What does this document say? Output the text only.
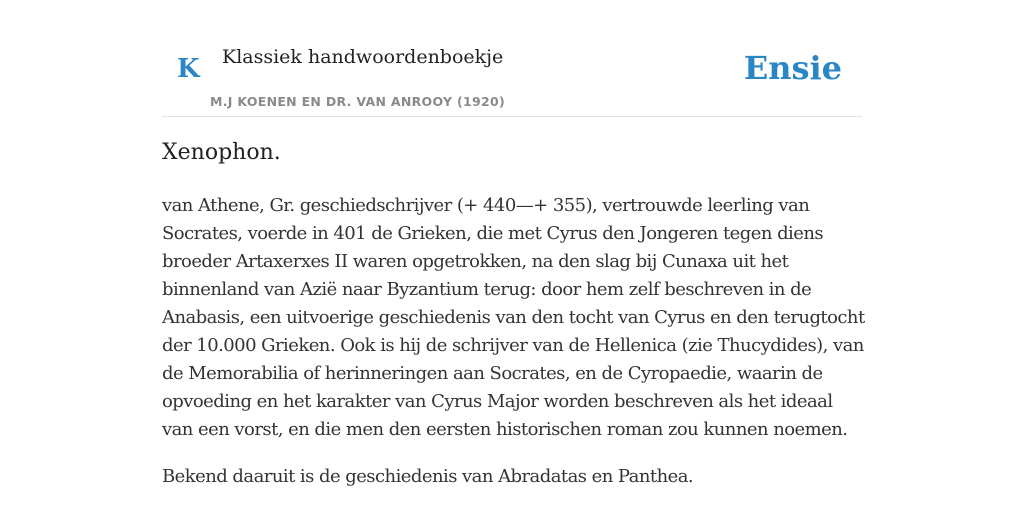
K Klassiek handwoordenboekje
M.J KOENEN EN DR. VAN ANROOY (1920)
Ensie
Xenophon.

van Athene, Gr. geschiedschrijver (+ 440—+ 355), vertrouwde leerling van Socrates, voerde in 401 de Grieken, die met Cyrus den Jongeren tegen diens broeder Artaxerxes II waren opgetrokken, na den slag bij Cunaxa uit het binnenland van Azië naar Byzantium terug: door hem zelf beschreven in de Anabasis, een uitvoerige geschiedenis van den tocht van Cyrus en den terugtocht der 10.000 Grieken. Ook is hij de schrijver van de Hellenica (zie Thucydides), van de Memorabilia of herinneringen aan Socrates, en de Cyropaedie, waarin de opvoeding en het karakter van Cyrus Major worden beschreven als het ideaal van een vorst, en die men den eersten historischen roman zou kunnen noemen.

Bekend daaruit is de geschiedenis van Abradatas en Panthea.
